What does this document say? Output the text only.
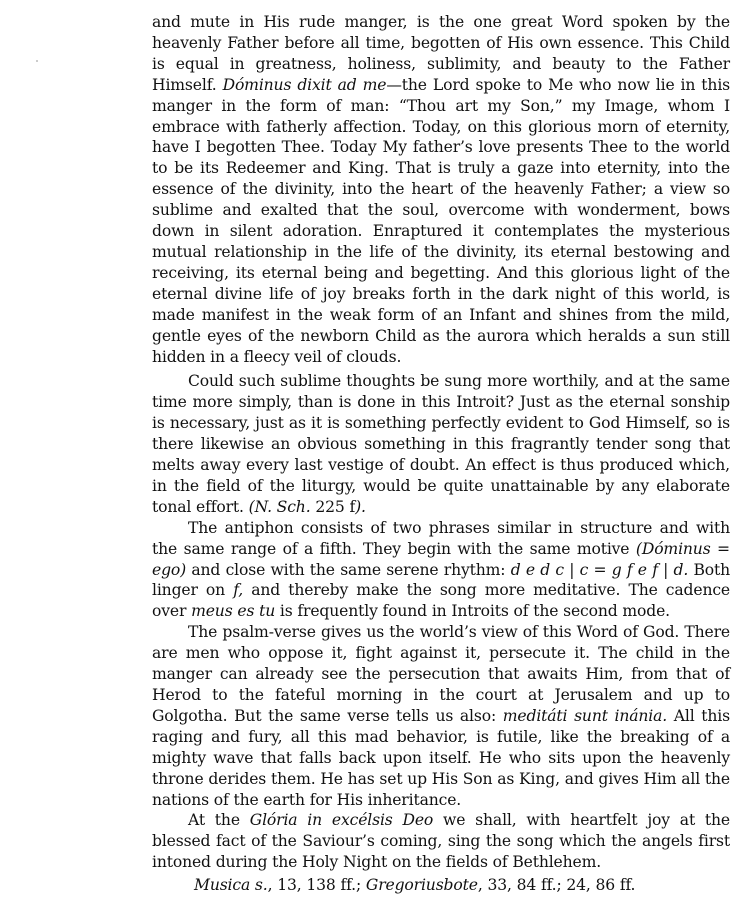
and mute in His rude manger, is the one great Word spoken by the heavenly Father before all time, begotten of His own essence. This Child is equal in greatness, holiness, sublimity, and beauty to the Father Himself. Dóminus dixit ad me—the Lord spoke to Me who now lie in this manger in the form of man: “Thou art my Son,” my Image, whom I embrace with fatherly affection. Today, on this glorious morn of eternity, have I begotten Thee. Today My father’s love presents Thee to the world to be its Redeemer and King. That is truly a gaze into eternity, into the essence of the divinity, into the heart of the heavenly Father; a view so sublime and exalted that the soul, overcome with wonderment, bows down in silent adoration. Enraptured it contemplates the mysterious mutual relationship in the life of the divinity, its eternal bestowing and receiving, its eternal being and begetting. And this glorious light of the eternal divine life of joy breaks forth in the dark night of this world, is made manifest in the weak form of an Infant and shines from the mild, gentle eyes of the newborn Child as the aurora which heralds a sun still hidden in a fleecy veil of clouds.

Could such sublime thoughts be sung more worthily, and at the same time more simply, than is done in this Introit? Just as the eternal sonship is necessary, just as it is something perfectly evident to God Himself, so is there likewise an obvious something in this fragrantly tender song that melts away every last vestige of doubt. An effect is thus produced which, in the field of the liturgy, would be quite unattainable by any elaborate tonal effort. (N. Sch. 225 f).

The antiphon consists of two phrases similar in structure and with the same range of a fifth. They begin with the same motive (Dóminus = ego) and close with the same serene rhythm: d e d c | c = g f e f | d. Both linger on f, and thereby make the song more meditative. The cadence over meus es tu is frequently found in Introits of the second mode.

The psalm-verse gives us the world’s view of this Word of God. There are men who oppose it, fight against it, persecute it. The child in the manger can already see the persecution that awaits Him, from that of Herod to the fateful morning in the court at Jerusalem and up to Golgotha. But the same verse tells us also: meditáti sunt inánia. All this raging and fury, all this mad behavior, is futile, like the breaking of a mighty wave that falls back upon itself. He who sits upon the heavenly throne derides them. He has set up His Son as King, and gives Him all the nations of the earth for His inheritance.

At the Glória in excélsis Deo we shall, with heartfelt joy at the blessed fact of the Saviour’s coming, sing the song which the angels first intoned during the Holy Night on the fields of Bethlehem.

Musica s., 13, 138 ff.; Gregoriusbote, 33, 84 ff.; 24, 86 ff.
